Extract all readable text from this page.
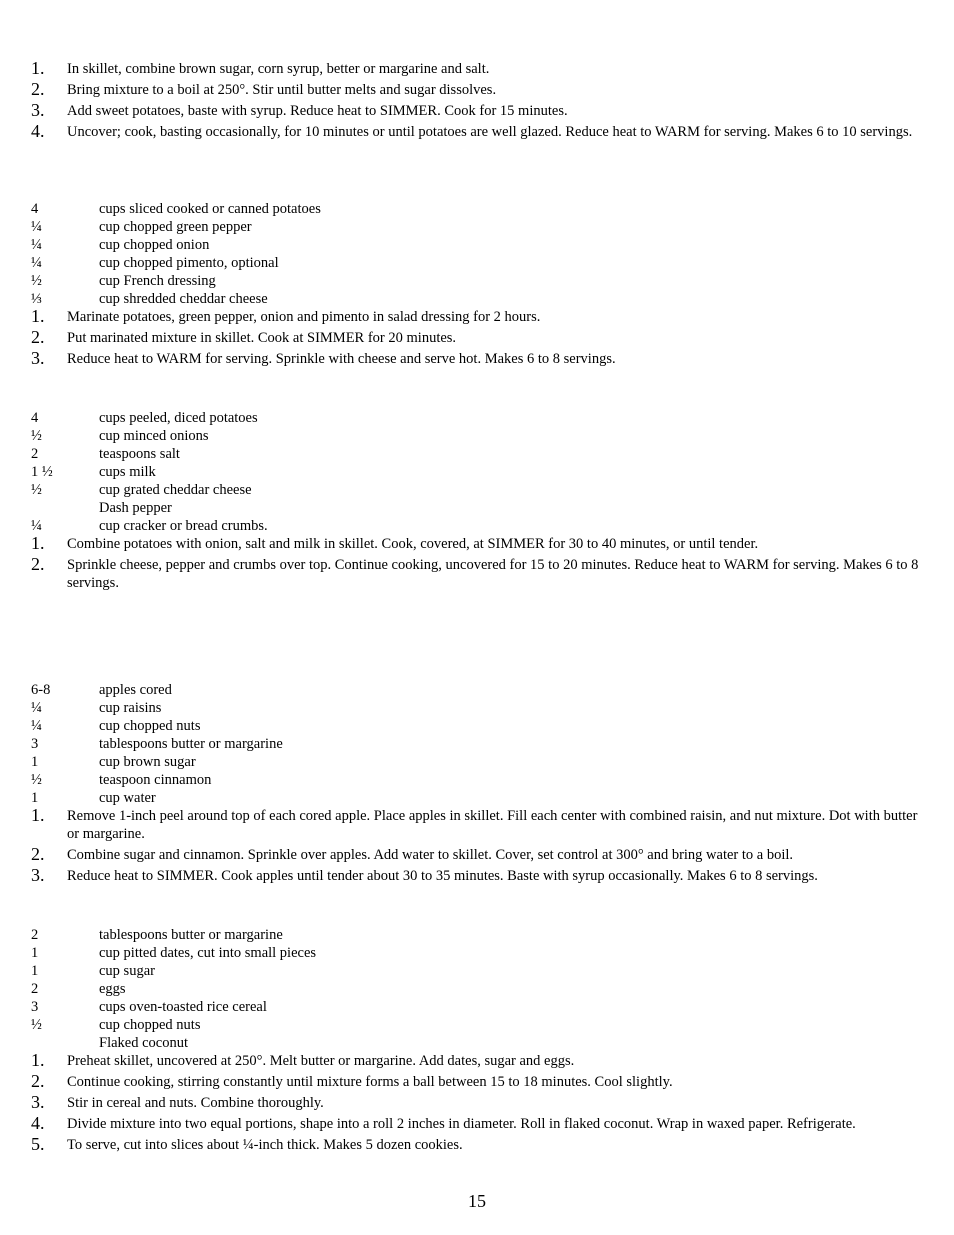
1. In skillet, combine brown sugar, corn syrup, better or margarine and salt.
2. Bring mixture to a boil at 250°. Stir until butter melts and sugar dissolves.
3. Add sweet potatoes, baste with syrup. Reduce heat to SIMMER. Cook for 15 minutes.
4. Uncover; cook, basting occasionally, for 10 minutes or until potatoes are well glazed. Reduce heat to WARM for serving. Makes 6 to 10 servings.
4	cups sliced cooked or canned potatoes
¼	cup chopped green pepper
¼	cup chopped onion
¼	cup chopped pimento, optional
½	cup French dressing
⅓	cup shredded cheddar cheese
1. Marinate potatoes, green pepper, onion and pimento in salad dressing for 2 hours.
2. Put marinated mixture in skillet. Cook at SIMMER for 20 minutes.
3. Reduce heat to WARM for serving. Sprinkle with cheese and serve hot. Makes 6 to 8 servings.
4	cups peeled, diced potatoes
½	cup minced onions
2	teaspoons salt
1 ½	cups milk
½	cup grated cheddar cheese
Dash pepper
¼	cup cracker or bread crumbs.
1. Combine potatoes with onion, salt and milk in skillet. Cook, covered, at SIMMER for 30 to 40 minutes, or until tender.
2. Sprinkle cheese, pepper and crumbs over top. Continue cooking, uncovered for 15 to 20 minutes. Reduce heat to WARM for serving. Makes 6 to 8 servings.
6-8	apples cored
¼	cup raisins
¼	cup chopped nuts
3	tablespoons butter or margarine
1	cup brown sugar
½	teaspoon cinnamon
1	cup water
1. Remove 1-inch peel around top of each cored apple. Place apples in skillet. Fill each center with combined raisin, and nut mixture. Dot with butter or margarine.
2. Combine sugar and cinnamon. Sprinkle over apples. Add water to skillet. Cover, set control at 300° and bring water to a boil.
3. Reduce heat to SIMMER. Cook apples until tender about 30 to 35 minutes. Baste with syrup occasionally. Makes 6 to 8 servings.
2	tablespoons butter or margarine
1	cup pitted dates, cut into small pieces
1	cup sugar
2	eggs
3	cups oven-toasted rice cereal
½	cup chopped nuts
Flaked coconut
1. Preheat skillet, uncovered at 250°. Melt butter or margarine. Add dates, sugar and eggs.
2. Continue cooking, stirring constantly until mixture forms a ball between 15 to 18 minutes. Cool slightly.
3. Stir in cereal and nuts. Combine thoroughly.
4. Divide mixture into two equal portions, shape into a roll 2 inches in diameter. Roll in flaked coconut. Wrap in waxed paper. Refrigerate.
5. To serve, cut into slices about ¼-inch thick. Makes 5 dozen cookies.
15
